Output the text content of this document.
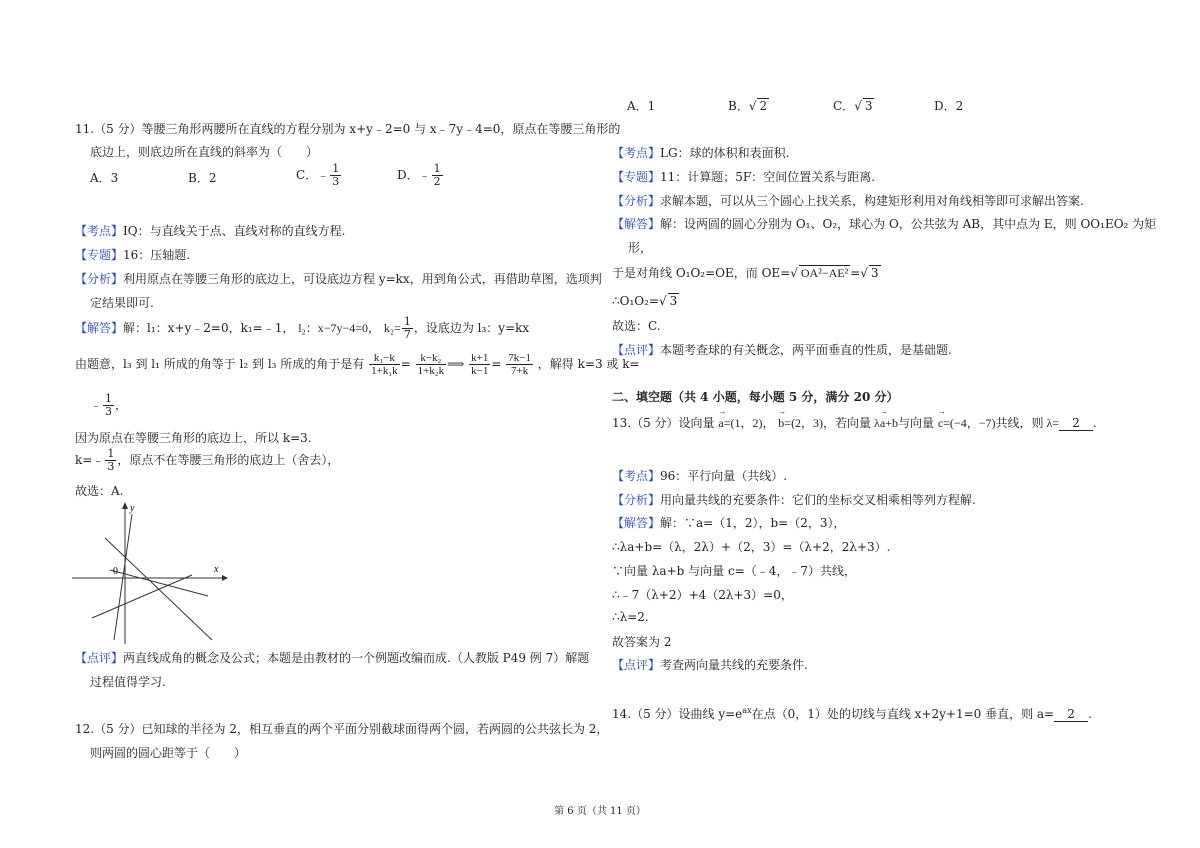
11.（5 分）等腰三角形两腰所在直线的方程分别为 x+y﹣2=0 与 x﹣7y﹣4=0，原点在等腰三角形的
底边上，则底边所在直线的斜率为（　　）
A．3	B．2	C．﹣ $\frac{1}{3}$	D．﹣ $\frac{1}{2}$
【考点】IQ：与直线关于点、直线对称的直线方程.
【专题】16：压轴题.
【分析】利用原点在等腰三角形的底边上，可设底边方程 y=kx，用到角公式，再借助草图，选项判
定结果即可.
【解答】解：l₁：x+y﹣2=0，k₁=﹣1， l₂：x−7y−4=0， $k_2= \frac{1}{7}$ ，设底边为 l₃：y=kx
由题意，l₃ 到 l₁ 所成的角等于 l₂ 到 l₃ 所成的角于是有 $\frac{\text{k₁−k}}{\text{1+k₁k}} = \frac{\text{k−k₂}}{\text{1+k₂k}}$ ⟹ $\frac{k+1}{k-1} = \frac{7k-1}{7+k}$ ，解得 k=3 或 k=
﹣ $\frac{1}{3}$ ，
因为原点在等腰三角形的底边上，所以 k=3.
k=﹣ $\frac{1}{3}$ ，原点不在等腰三角形的底边上（舍去），
故选：A.
y
x
0
【点评】两直线成角的概念及公式；本题是由教材的一个例题改编而成.（人教版 P49 例 7）解题
过程值得学习.
12.（5 分）已知球的半径为 2，相互垂直的两个平面分别截球面得两个圆，若两圆的公共弦长为 2，
则两圆的圆心距等于（　　）
A．1	B．√ 2	C．√ 3	D．2
【考点】LG：球的体积和表面积.
【专题】11：计算题；5F：空间位置关系与距离.
【分析】求解本题，可以从三个圆心上找关系，构建矩形利用对角线相等即可求解出答案.
【解答】解：设两圆的圆心分别为 O₁、O₂，球心为 O，公共弦为 AB，其中点为 E，则 OO₁EO₂ 为矩
形，
于是对角线 O₁O₂=OE，而 OE=√ OA²−AE² =√ 3
∴O₁O₂=√ 3
故选：C.
【点评】本题考查球的有关概念，两平面垂直的性质，是基础题.
二、填空题（共 4 小题，每小题 5 分，满分 20 分）
13.（5 分）设向量 → a=(1，2)， → b=(2，3)，若向量 λ→ a+b与向量 → c=(−4，−7)共线，则 λ= 2 .
【考点】96：平行向量（共线）.
【分析】用向量共线的充要条件：它们的坐标交叉相乘相等列方程解.
【解答】解：∵a=（1，2），b=（2，3），
∴λa+b=（λ，2λ）+（2，3）=（λ+2，2λ+3）.
∵向量 λa+b 与向量 c=（﹣4，﹣7）共线，
∴﹣7（λ+2）+4（2λ+3）=0，
∴λ=2.
故答案为 2
【点评】考查两向量共线的充要条件.
14.（5 分）设曲线 $y=e^{ax}$在点（0，1）处的切线与直线 x+2y+1=0 垂直，则 a= 2 .
第 6 页（共 11 页）
